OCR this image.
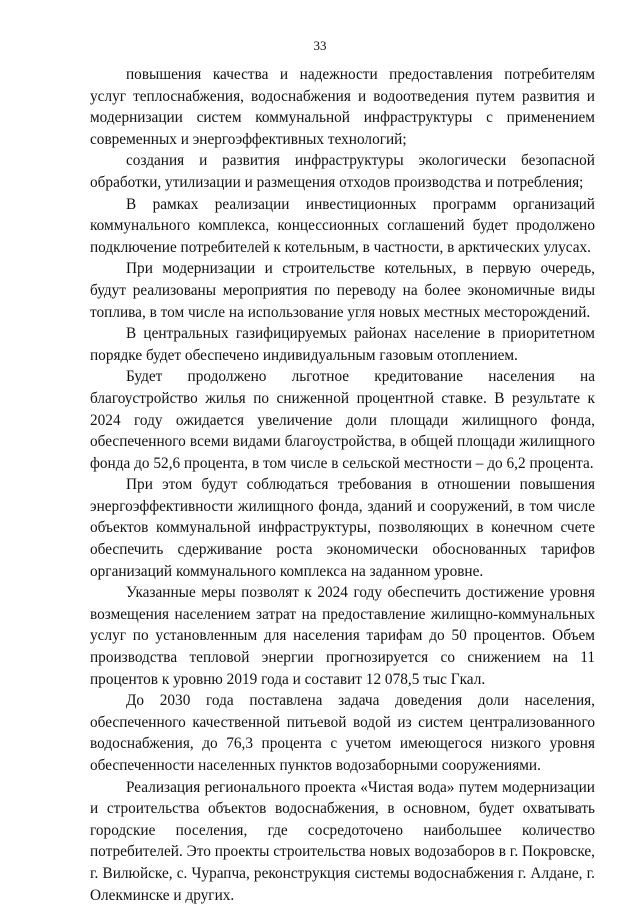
33

повышения качества и надежности предоставления потребителям услуг теплоснабжения, водоснабжения и водоотведения путем развития и модернизации систем коммунальной инфраструктуры с применением современных и энергоэффективных технологий;

создания и развития инфраструктуры экологически безопасной обработки, утилизации и размещения отходов производства и потребления;

В рамках реализации инвестиционных программ организаций коммунального комплекса, концессионных соглашений будет продолжено подключение потребителей к котельным, в частности, в арктических улусах.

При модернизации и строительстве котельных, в первую очередь, будут реализованы мероприятия по переводу на более экономичные виды топлива, в том числе на использование угля новых местных месторождений.

В центральных газифицируемых районах население в приоритетном порядке будет обеспечено индивидуальным газовым отоплением.

Будет продолжено льготное кредитование населения на благоустройство жилья по сниженной процентной ставке. В результате к 2024 году ожидается увеличение доли площади жилищного фонда, обеспеченного всеми видами благоустройства, в общей площади жилищного фонда до 52,6 процента, в том числе в сельской местности – до 6,2 процента.

При этом будут соблюдаться требования в отношении повышения энергоэффективности жилищного фонда, зданий и сооружений, в том числе объектов коммунальной инфраструктуры, позволяющих в конечном счете обеспечить сдерживание роста экономически обоснованных тарифов организаций коммунального комплекса на заданном уровне.

Указанные меры позволят к 2024 году обеспечить достижение уровня возмещения населением затрат на предоставление жилищно-коммунальных услуг по установленным для населения тарифам до 50 процентов. Объем производства тепловой энергии прогнозируется со снижением на 11 процентов к уровню 2019 года и составит 12 078,5 тыс Гкал.

До 2030 года поставлена задача доведения доли населения, обеспеченного качественной питьевой водой из систем централизованного водоснабжения, до 76,3 процента с учетом имеющегося низкого уровня обеспеченности населенных пунктов водозаборными сооружениями.

Реализация регионального проекта «Чистая вода» путем модернизации и строительства объектов водоснабжения, в основном, будет охватывать городские поселения, где сосредоточено наибольшее количество потребителей. Это проекты строительства новых водозаборов в г. Покровске, г. Вилюйске, с. Чурапча, реконструкция системы водоснабжения г. Алдане, г. Олекминске и других.
